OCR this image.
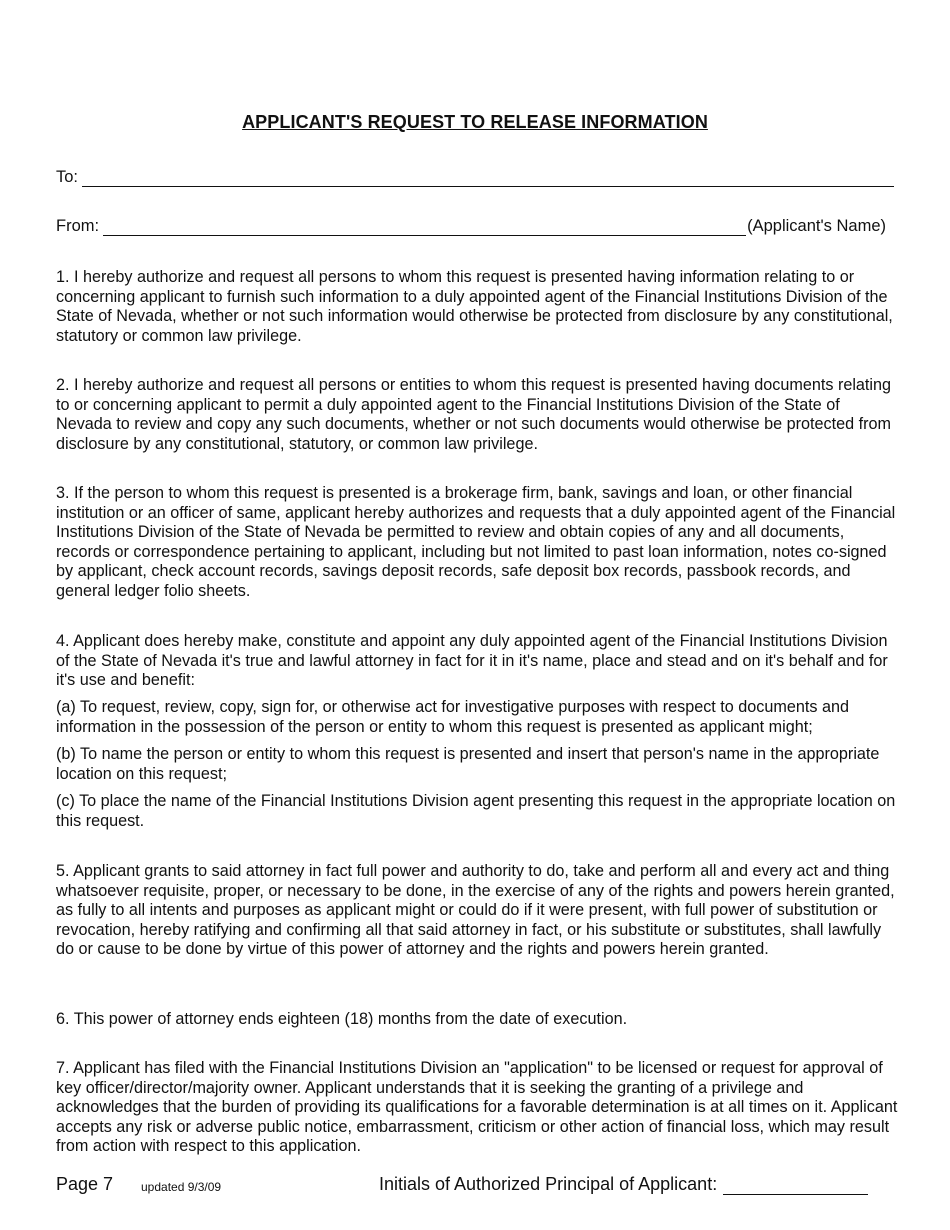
APPLICANT'S REQUEST TO RELEASE INFORMATION
To:
From:	(Applicant's Name)

1. I hereby authorize and request all persons to whom this request is presented having information relating to or concerning applicant to furnish such information to a duly appointed agent of the Financial Institutions Division of the State of Nevada, whether or not such information would otherwise be protected from disclosure by any constitutional, statutory or common law privilege.

2. I hereby authorize and request all persons or entities to whom this request is presented having documents relating to or concerning applicant to permit a duly appointed agent to the Financial Institutions Division of the State of Nevada to review and copy any such documents, whether or not such documents would otherwise be protected from disclosure by any constitutional, statutory, or common law privilege.

3. If the person to whom this request is presented is a brokerage firm, bank, savings and loan, or other financial institution or an officer of same, applicant hereby authorizes and requests that a duly appointed agent of the Financial Institutions Division of the State of Nevada be permitted to review and obtain copies of any and all documents, records or correspondence pertaining to applicant, including but not limited to past loan information, notes co-signed by applicant, check account records, savings deposit records, safe deposit box records, passbook records, and general ledger folio sheets.

4. Applicant does hereby make, constitute and appoint any duly appointed agent of the Financial Institutions Division of the State of Nevada it's true and lawful attorney in fact for it in it's name, place and stead and on it's behalf and for it's use and benefit:

(a) To request, review, copy, sign for, or otherwise act for investigative purposes with respect to documents and information in the possession of the person or entity to whom this request is presented as applicant might;

(b) To name the person or entity to whom this request is presented and insert that person's name in the appropriate location on this request;

(c) To place the name of the Financial Institutions Division agent presenting this request in the appropriate location on this request.

5. Applicant grants to said attorney in fact full power and authority to do, take and perform all and every act and thing whatsoever requisite, proper, or necessary to be done, in the exercise of any of the rights and powers herein granted, as fully to all intents and purposes as applicant might or could do if it were present, with full power of substitution or revocation, hereby ratifying and confirming all that said attorney in fact, or his substitute or substitutes, shall lawfully do or cause to be done by virtue of this power of attorney and the rights and powers herein granted.

6. This power of attorney ends eighteen (18) months from the date of execution.

7. Applicant has filed with the Financial Institutions Division an "application" to be licensed or request for approval of key officer/director/majority owner. Applicant understands that it is seeking the granting of a privilege and acknowledges that the burden of providing its qualifications for a favorable determination is at all times on it. Applicant accepts any risk or adverse public notice, embarrassment, criticism or other action of financial loss, which may result from action with respect to this application.

Page 7 updated 9/3/09	Initials of Authorized Principal of Applicant:
